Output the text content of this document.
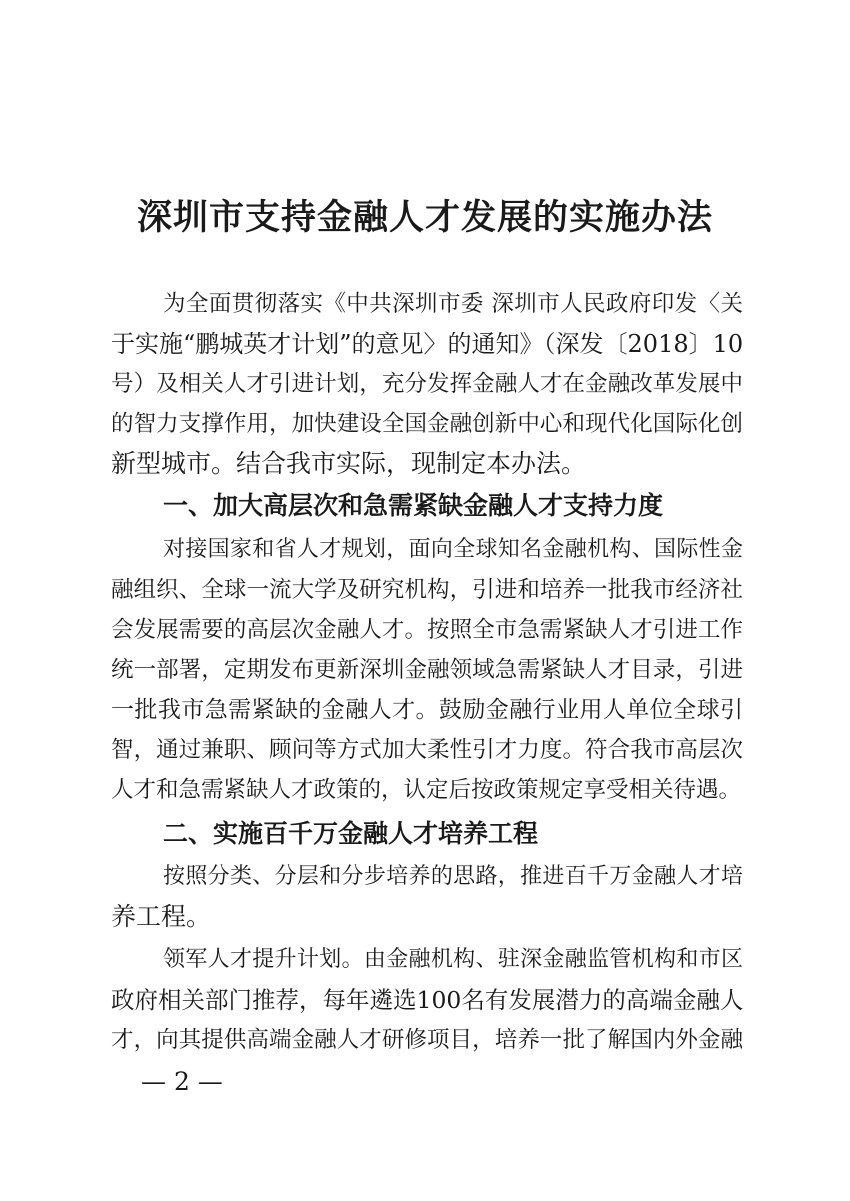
深圳市支持金融人才发展的实施办法
为全面贯彻落实《中共深圳市委 深圳市人民政府印发〈关
于实施“鹏城英才计划”的意见〉的通知》（深发〔2018〕10
号）及相关人才引进计划，充分发挥金融人才在金融改革发展中
的智力支撑作用，加快建设全国金融创新中心和现代化国际化创
新型城市。结合我市实际，现制定本办法。
一、加大高层次和急需紧缺金融人才支持力度
对接国家和省人才规划，面向全球知名金融机构、国际性金
融组织、全球一流大学及研究机构，引进和培养一批我市经济社
会发展需要的高层次金融人才。按照全市急需紧缺人才引进工作
统一部署，定期发布更新深圳金融领域急需紧缺人才目录，引进
一批我市急需紧缺的金融人才。鼓励金融行业用人单位全球引
智，通过兼职、顾问等方式加大柔性引才力度。符合我市高层次
人才和急需紧缺人才政策的，认定后按政策规定享受相关待遇。
二、实施百千万金融人才培养工程
按照分类、分层和分步培养的思路，推进百千万金融人才培
养工程。
领军人才提升计划。由金融机构、驻深金融监管机构和市区
政府相关部门推荐，每年遴选100名有发展潜力的高端金融人
才，向其提供高端金融人才研修项目，培养一批了解国内外金融
— 2 —
